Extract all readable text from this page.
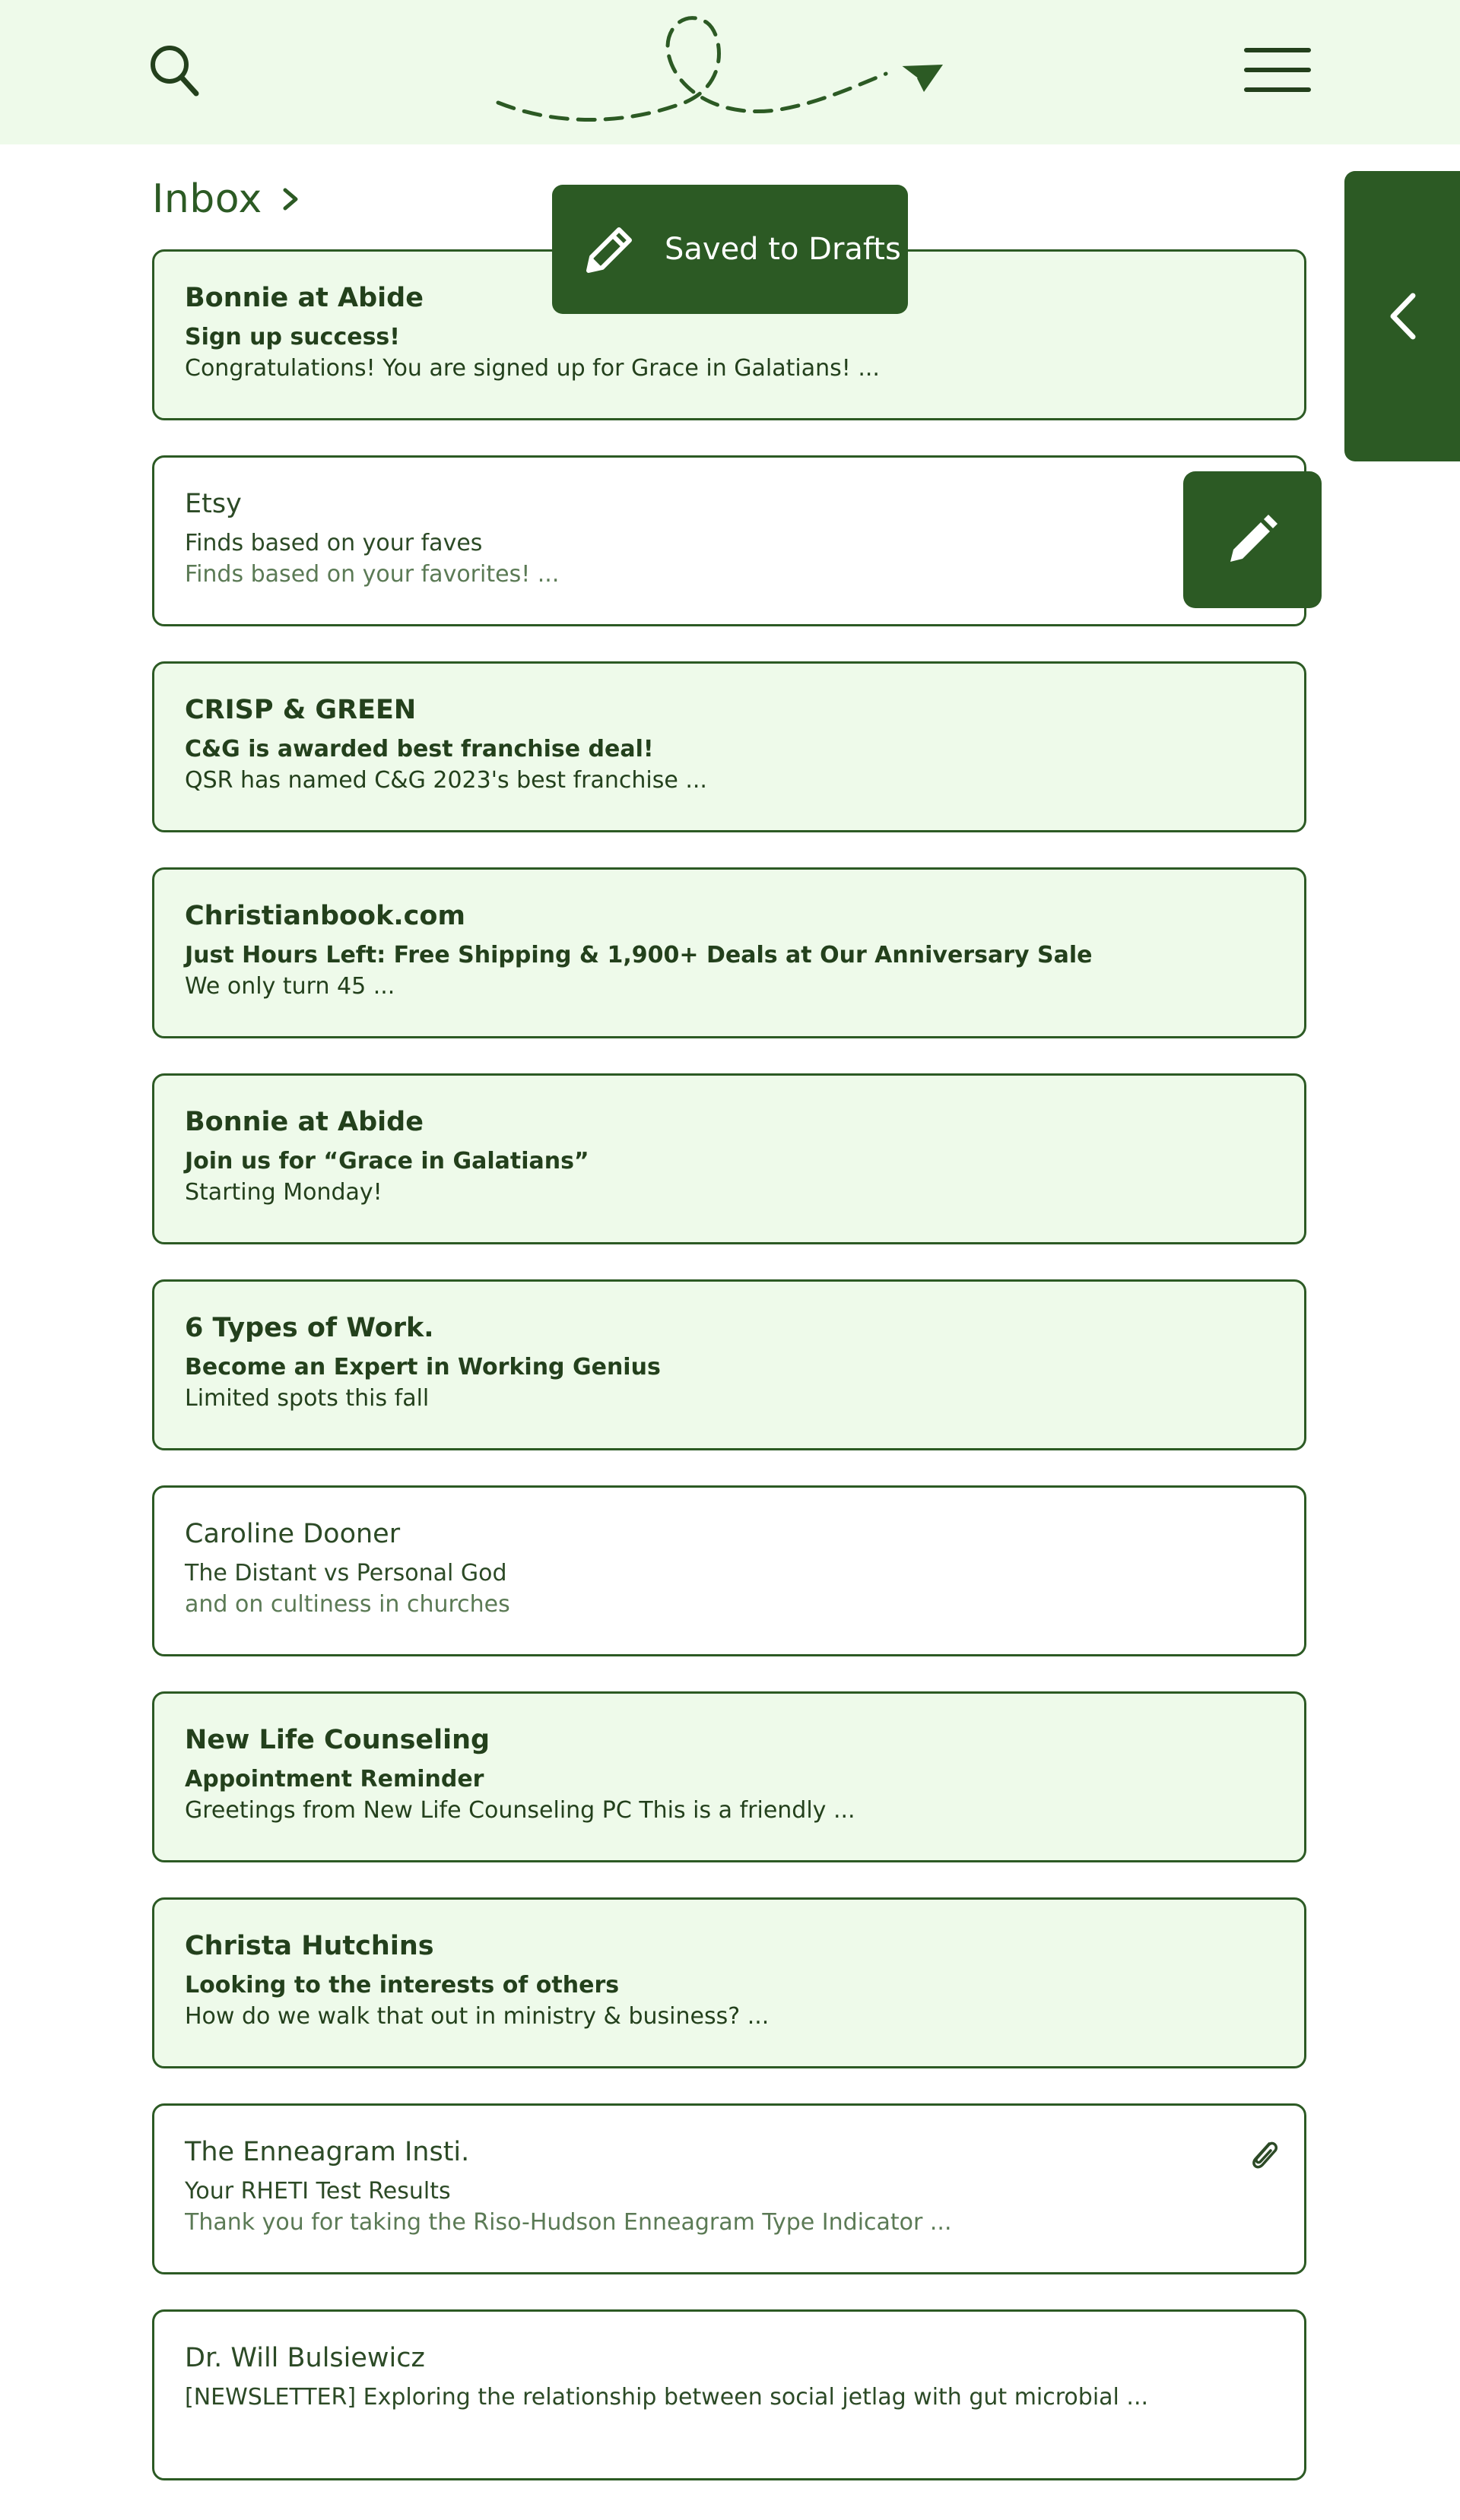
Inbox
Bonnie at Abide
Sign up success!
Congratulations! You are signed up for Grace in Galatians! ...
Etsy
Finds based on your faves
Finds based on your favorites! ...
CRISP & GREEN
C&G is awarded best franchise deal!
QSR has named C&G 2023's best franchise ...
Christianbook.com
Just Hours Left: Free Shipping & 1,900+ Deals at Our Anniversary Sale
We only turn 45 ...
Bonnie at Abide
Join us for “Grace in Galatians”
Starting Monday!
6 Types of Work.
Become an Expert in Working Genius
Limited spots this fall
Caroline Dooner
The Distant vs Personal God
and on cultiness in churches
New Life Counseling
Appointment Reminder
Greetings from New Life Counseling PC This is a friendly ...
Christa Hutchins
Looking to the interests of others
How do we walk that out in ministry & business? ...
The Enneagram Insti.
Your RHETI Test Results
Thank you for taking the Riso-Hudson Enneagram Type Indicator ...
Dr. Will Bulsiewicz
[NEWSLETTER] Exploring the relationship between social jetlag with gut microbial ...
Saved to Drafts
